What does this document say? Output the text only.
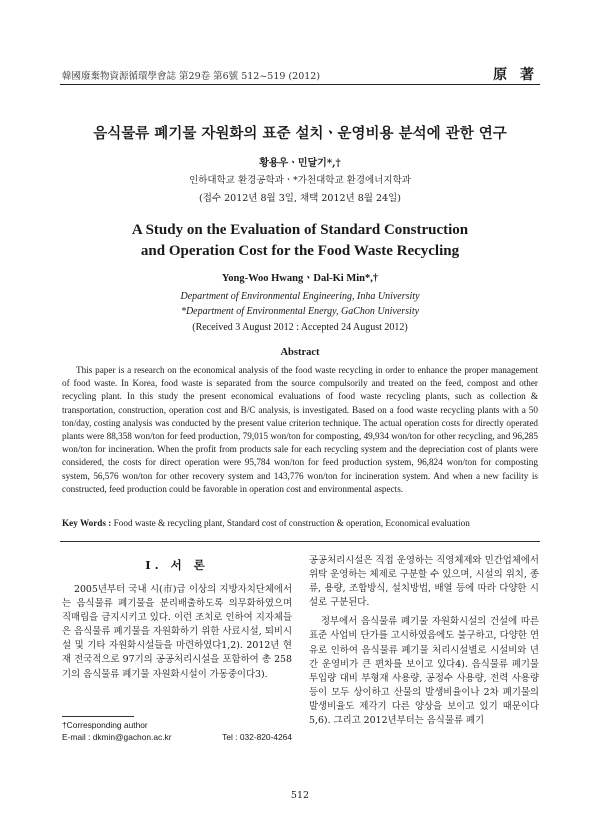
韓國廢棄物資源循環學會誌 第29卷 第6號 512~519 (2012)	原 著
음식물류 폐기물 자원화의 표준 설치ㆍ운영비용 분석에 관한 연구
황용우ㆍ민달기*,†
인하대학교 환경공학과ㆍ*가천대학교 환경에너지학과
(접수 2012년 8월 3일, 채택 2012년 8월 24일)
A Study on the Evaluation of Standard Construction
and Operation Cost for the Food Waste Recycling
Yong-Woo HwangㆍDal-Ki Min*,†
Department of Environmental Engineering, Inha University
*Department of Environmental Energy, GaChon University
(Received 3 August 2012 : Accepted 24 August 2012)
Abstract
This paper is a research on the economical analysis of the food waste recycling in order to enhance the proper management of food waste. In Korea, food waste is separated from the source compulsorily and treated on the feed, compost and other recycling plant. In this study the present economical evaluations of food waste recycling plants, such as collection & transportation, construction, operation cost and B/C analysis, is investigated. Based on a food waste recycling plants with a 50 ton/day, costing analysis was conducted by the present value criterion technique. The actual operation costs for directly operated plants were 88,358 won/ton for feed production, 79,015 won/ton for composting, 49,934 won/ton for other recycling, and 96,285 won/ton for incineration. When the profit from products sale for each recycling system and the depreciation cost of plants were considered, the costs for direct operation were 95,784 won/ton for feed production system, 96,824 won/ton for composting system, 56,576 won/ton for other recovery system and 143,776 won/ton for incineration system. And when a new facility is constructed, feed production could be favorable in operation cost and environmental aspects.
Key Words : Food waste & recycling plant, Standard cost of construction & operation, Economical evaluation
I. 서 론

2005년부터 국내 시(市)급 이상의 지방자치단체에서는 음식물류 폐기물을 분리배출하도록 의무화하였으며 직매립을 금지시키고 있다. 이런 조치로 인하여 지자체들은 음식물류 폐기물을 자원화하기 위한 사료시설, 퇴비시설 및 기타 자원화시설들을 마련하였다1,2). 2012년 현재 전국적으로 97기의 공공처리시설을 포함하여 총 258기의 음식물류 폐기물 자원화시설이 가동중이다3).

공공처리시설은 직접 운영하는 직영체제와 민간업체에서 위탁 운영하는 체제로 구분할 수 있으며, 시설의 위치, 종류, 용량, 조합방식, 설치방법, 배열 등에 따라 다양한 시설로 구분된다.

정부에서 음식물류 폐기물 자원화시설의 건설에 따른 표준 사업비 단가를 고시하였음에도 불구하고, 다양한 연유로 인하여 음식물류 폐기물 처리시설별로 시설비와 년간 운영비가 큰 편차를 보이고 있다4). 음식물류 폐기물 투입량 대비 부형재 사용량, 공정수 사용량, 전력 사용량 등이 모두 상이하고 산물의 발생비율이나 2차 폐기물의 발생비율도 제각기 다른 양상을 보이고 있기 때문이다5,6). 그리고 2012년부터는 음식물류 폐기

†Corresponding author
E-mail : dkmin@gachon.ac.kr	Tel : 032-820-4264
512
